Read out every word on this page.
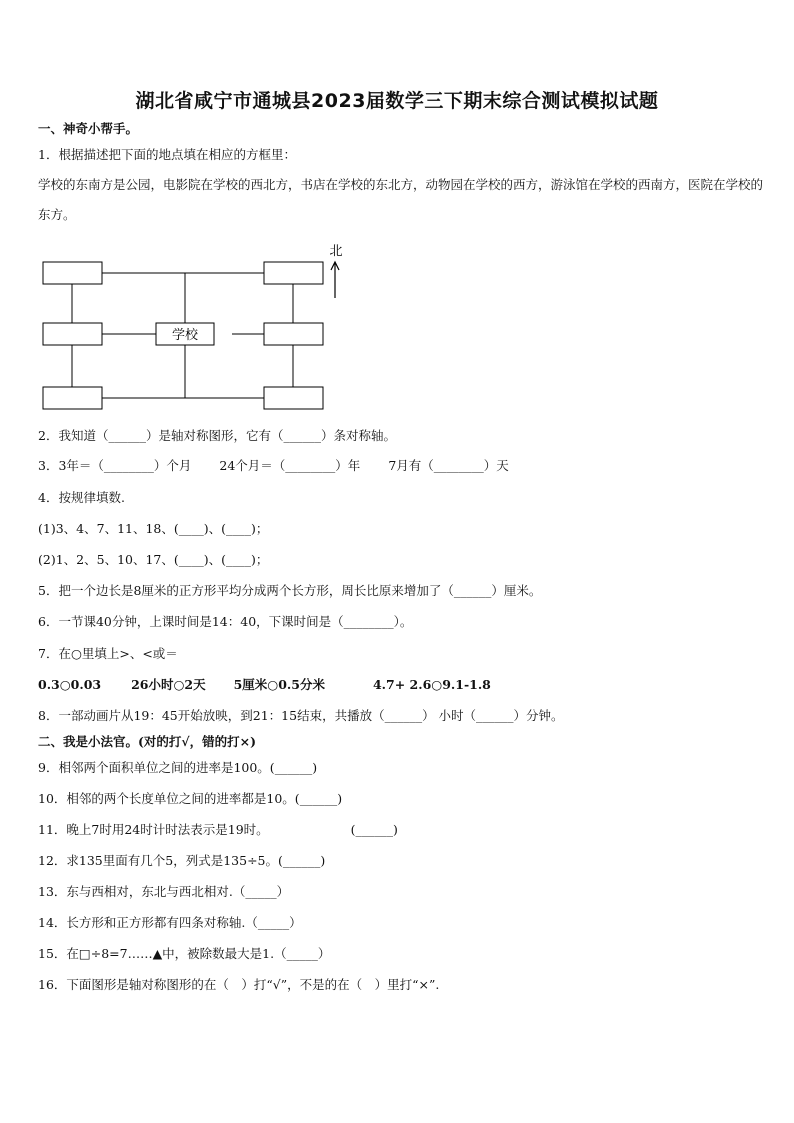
湖北省咸宁市通城县2023届数学三下期末综合测试模拟试题
一、神奇小帮手。
1．根据描述把下面的地点填在相应的方框里：
学校的东南方是公园，电影院在学校的西北方，书店在学校的东北方，动物园在学校的西方，游泳馆在学校的西南方，医院在学校的东方。
学校
北
2．我知道（______）是轴对称图形，它有（______）条对称轴。
3．3年＝（________）个月 24个月＝（________）年 7月有（________）天
4．按规律填数.
(1)3、4、7、11、18、(____)、(____)；
(2)1、2、5、10、17、(____)、(____)；
5．把一个边长是8厘米的正方形平均分成两个长方形，周长比原来增加了（______）厘米。
6．一节课40分钟，上课时间是14：40，下课时间是（________）。
7．在○里填上>、<或＝
0.3○0.03 26小时○2天 5厘米○0.5分米	4.7+ 2.6○9.1-1.8
8．一部动画片从19：45开始放映，到21：15结束，共播放（______） 小时（______）分钟。
二、我是小法官。(对的打√，错的打×)
9．相邻两个面积单位之间的进率是100。(______)
10．相邻的两个长度单位之间的进率都是10。(______)
11．晚上7时用24时计时法表示是19时。	(______)
12．求135里面有几个5，列式是135÷5。(______)
13．东与西相对，东北与西北相对.（_____）
14．长方形和正方形都有四条对称轴.（_____）
15．在□÷8=7……▲中，被除数最大是1.（_____）
16．下面图形是轴对称图形的在（　）打“√”，不是的在（　）里打“×”.
